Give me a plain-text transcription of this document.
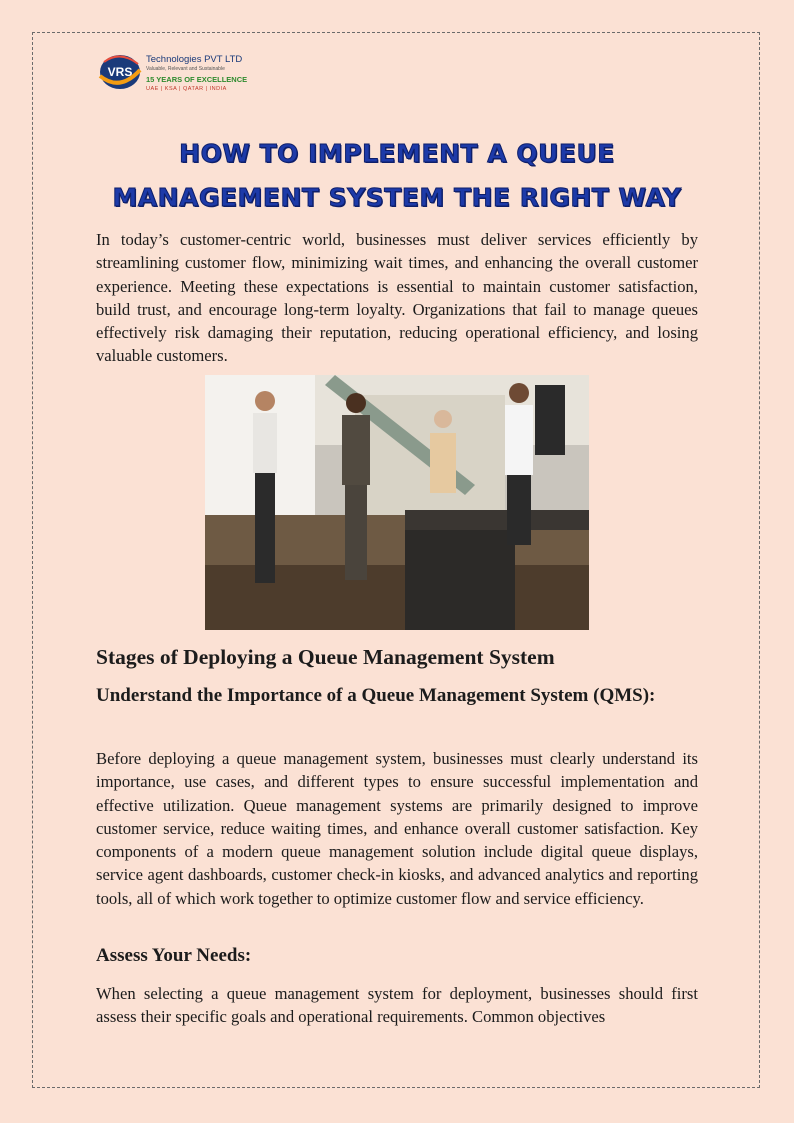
VRS
Technologies PVT LTD
Valuable, Relevant and Sustainable
15 YEARS OF EXCELLENCE
UAE | KSA | QATAR | INDIA
HOW TO IMPLEMENT A QUEUE
MANAGEMENT SYSTEM THE RIGHT WAY

In today’s customer-centric world, businesses must deliver services efficiently by streamlining customer flow, minimizing wait times, and enhancing the overall customer experience. Meeting these expectations is essential to maintain customer satisfaction, build trust, and encourage long-term loyalty. Organizations that fail to manage queues effectively risk damaging their reputation, reducing operational efficiency, and losing valuable customers.

Stages of Deploying a Queue Management System
Understand the Importance of a Queue Management System (QMS):

Before deploying a queue management system, businesses must clearly understand its importance, use cases, and different types to ensure successful implementation and effective utilization. Queue management systems are primarily designed to improve customer service, reduce waiting times, and enhance overall customer satisfaction. Key components of a modern queue management solution include digital queue displays, service agent dashboards, customer check-in kiosks, and advanced analytics and reporting tools, all of which work together to optimize customer flow and service efficiency.

Assess Your Needs:

When selecting a queue management system for deployment, businesses should first assess their specific goals and operational requirements. Common objectives
